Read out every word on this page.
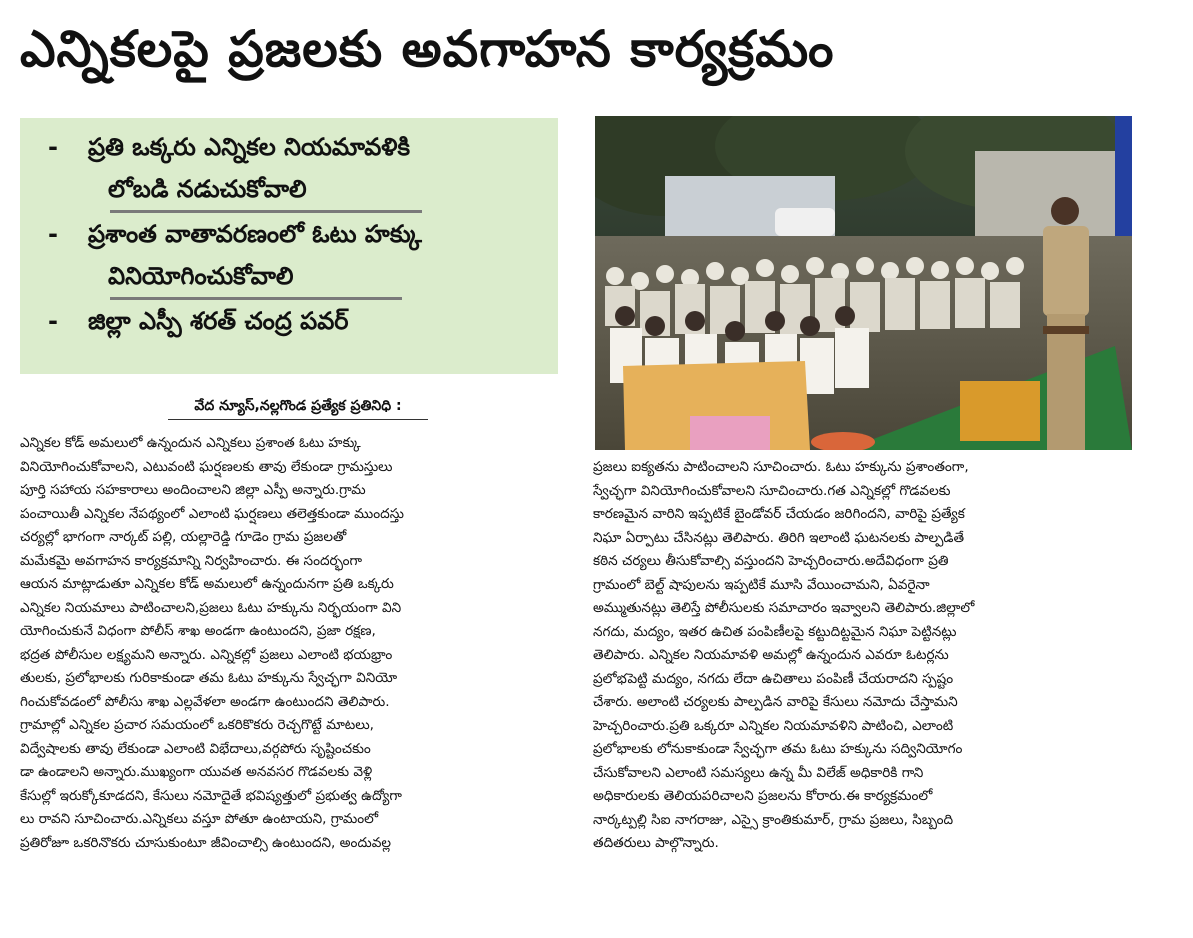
ఎన్నికలపై ప్రజలకు అవగాహన కార్యక్రమం
- ప్రతి ఒక్కరు ఎన్నికల నియమావళికి
లోబడి నడుచుకోవాలి
- ప్రశాంత వాతావరణంలో ఓటు హక్కు
వినియోగించుకోవాలి
- జిల్లా ఎస్పీ శరత్ చంద్ర పవర్
వేద న్యూస్,నల్లగొండ ప్రత్యేక ప్రతినిధి :

ఎన్నికల కోడ్ అమలులో ఉన్నందున ఎన్నికలు ప్రశాంత ఓటు హక్కు

వినియోగించుకోవాలని, ఎటువంటి ఘర్షణలకు తావు లేకుండా గ్రామస్తులు

పూర్తి సహాయ సహకారాలు అందించాలని జిల్లా ఎస్పీ అన్నారు.గ్రామ

పంచాయితీ ఎన్నికల నేపథ్యంలో ఎలాంటి ఘర్షణలు తలెత్తకుండా ముందస్తు

చర్యల్లో భాగంగా నార్కట్ పల్లి, యల్లారెడ్డి గూడెం గ్రామ ప్రజలతో

మమేకమై అవగాహన కార్యక్రమాన్ని నిర్వహించారు. ఈ సందర్భంగా

ఆయన మాట్లాడుతూ ఎన్నికల కోడ్ అమలులో ఉన్నందునగా ప్రతి ఒక్కరు

ఎన్నికల నియమాలు పాటించాలని,ప్రజలు ఓటు హక్కును నిర్భయంగా విని

యోగించుకునే విధంగా పోలీస్ శాఖ అండగా ఉంటుందని, ప్రజా రక్షణ,

భద్రత పోలీసుల లక్ష్యమని అన్నారు. ఎన్నికల్లో ప్రజలు ఎలాంటి భయభ్రాం

తులకు, ప్రలోభాలకు గురికాకుండా తమ ఓటు హక్కును స్వేచ్ఛగా వినియో

గించుకోవడంలో పోలీసు శాఖ ఎల్లవేళలా అండగా ఉంటుందని తెలిపారు.

గ్రామాల్లో ఎన్నికల ప్రచార సమయంలో ఒకరికొకరు రెచ్చగొట్టే మాటలు,

విద్వేషాలకు తావు లేకుండా ఎలాంటి విభేదాలు,వర్గపోరు సృష్టించకుం

డా ఉండాలని అన్నారు.ముఖ్యంగా యువత అనవసర గొడవలకు వెళ్లి

కేసుల్లో ఇరుక్కోకూడదని, కేసులు నమోదైతే భవిష్యత్తులో ప్రభుత్వ ఉద్యోగా

లు రావని సూచించారు.ఎన్నికలు వస్తూ పోతూ ఉంటాయని, గ్రామంలో

ప్రతిరోజూ ఒకరినొకరు చూసుకుంటూ జీవించాల్సి ఉంటుందని, అందువల్ల

ప్రజలు ఐక్యతను పాటించాలని సూచించారు. ఓటు హక్కును ప్రశాంతంగా,

స్వేచ్ఛగా వినియోగించుకోవాలని సూచించారు.గత ఎన్నికల్లో గొడవలకు

కారణమైన వారిని ఇప్పటికే బైండోవర్ చేయడం జరిగిందని, వారిపై ప్రత్యేక

నిఘా ఏర్పాటు చేసినట్లు తెలిపారు. తిరిగి ఇలాంటి ఘటనలకు పాల్పడితే

కఠిన చర్యలు తీసుకోవాల్సి వస్తుందని హెచ్చరించారు.అదేవిధంగా ప్రతి

గ్రామంలో బెల్ట్ షాపులను ఇప్పటికే మూసి వేయించామని, ఏవరైనా

అమ్ముతునట్లు తెలిస్తే పోలీసులకు సమాచారం ఇవ్వాలని తెలిపారు.జిల్లాలో

నగదు, మద్యం, ఇతర ఉచిత పంపిణీలపై కట్టుదిట్టమైన నిఘా పెట్టినట్లు

తెలిపారు. ఎన్నికల నియమావళి అమల్లో ఉన్నందున ఎవరూ ఓటర్లను

ప్రలోభపెట్టి మద్యం, నగదు లేదా ఉచితాలు పంపిణీ చేయరాదని స్పష్టం

చేశారు. అలాంటి చర్యలకు పాల్పడిన వారిపై కేసులు నమోదు చేస్తామని

హెచ్చరించారు.ప్రతి ఒక్కరూ ఎన్నికల నియమావళిని పాటించి, ఎలాంటి

ప్రలోభాలకు లోనుకాకుండా స్వేచ్ఛగా తమ ఓటు హక్కును సద్వినియోగం

చేసుకోవాలని ఎలాంటి సమస్యలు ఉన్న మీ విలేజ్ అధికారికి గాని

అధికారులకు తెలియపరిచాలని ప్రజలను కోరారు.ఈ కార్యక్రమంలో

నార్కట్పల్లి సిఐ నాగరాజు, ఎస్సై క్రాంతికుమార్, గ్రామ ప్రజలు, సిబ్బంది

తదితరులు పాల్గొన్నారు.
